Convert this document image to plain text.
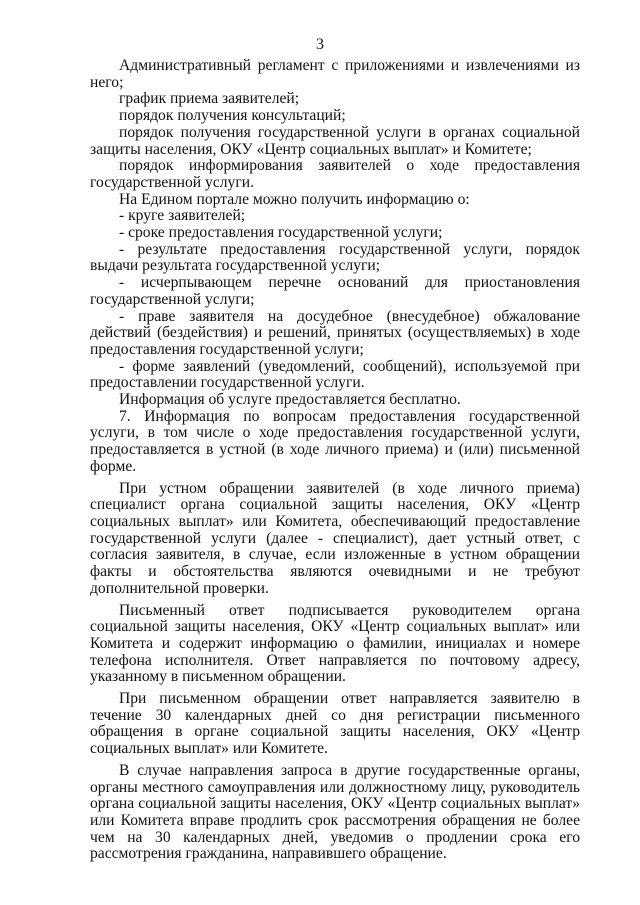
3

Административный регламент с приложениями и извлечениями из него;

график приема заявителей;

порядок получения консультаций;

порядок получения государственной услуги в органах социальной защиты населения, ОКУ «Центр социальных выплат» и Комитете;

порядок информирования заявителей о ходе предоставления государственной услуги.

На Едином портале можно получить информацию о:

- круге заявителей;

- сроке предоставления государственной услуги;

- результате предоставления государственной услуги, порядок выдачи результата государственной услуги;

- исчерпывающем перечне оснований для приостановления государственной услуги;

- праве заявителя на досудебное (внесудебное) обжалование действий (бездействия) и решений, принятых (осуществляемых) в ходе предоставления государственной услуги;

- форме заявлений (уведомлений, сообщений), используемой при предоставлении государственной услуги.

Информация об услуге предоставляется бесплатно.

7. Информация по вопросам предоставления государственной услуги, в том числе о ходе предоставления государственной услуги, предоставляется в устной (в ходе личного приема) и (или) письменной форме.

При устном обращении заявителей (в ходе личного приема) специалист органа социальной защиты населения, ОКУ «Центр социальных выплат» или Комитета, обеспечивающий предоставление государственной услуги (далее - специалист), дает устный ответ, с согласия заявителя, в случае, если изложенные в устном обращении факты и обстоятельства являются очевидными и не требуют дополнительной проверки.

Письменный ответ подписывается руководителем органа социальной защиты населения, ОКУ «Центр социальных выплат» или Комитета и содержит информацию о фамилии, инициалах и номере телефона исполнителя. Ответ направляется по почтовому адресу, указанному в письменном обращении.

При письменном обращении ответ направляется заявителю в течение 30 календарных дней со дня регистрации письменного обращения в органе социальной защиты населения, ОКУ «Центр социальных выплат» или Комитете.

В случае направления запроса в другие государственные органы, органы местного самоуправления или должностному лицу, руководитель органа социальной защиты населения, ОКУ «Центр социальных выплат» или Комитета вправе продлить срок рассмотрения обращения не более чем на 30 календарных дней, уведомив о продлении срока его рассмотрения гражданина, направившего обращение.
